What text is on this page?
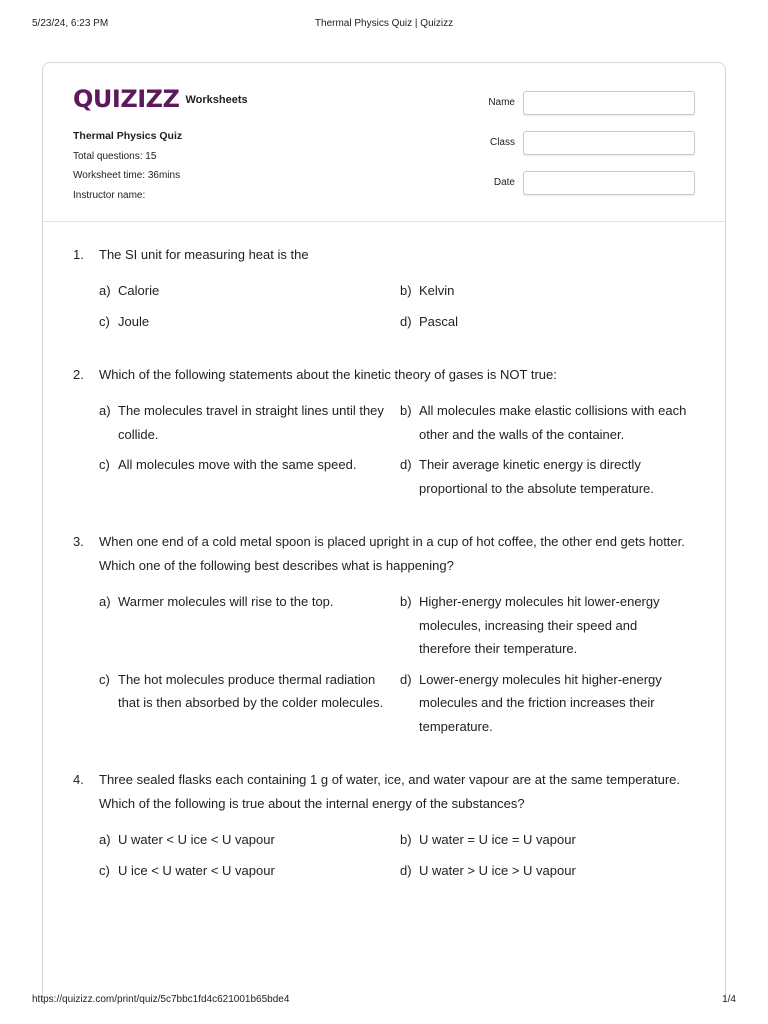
5/23/24, 6:23 PM	Thermal Physics Quiz | Quizizz
QUIZIZZ Worksheets
Thermal Physics Quiz
Total questions: 15
Worksheet time: 36mins
Instructor name:
Name
Class
Date
1.	The SI unit for measuring heat is the
a) Calorie	b) Kelvin
c) Joule	d) Pascal
2.	Which of the following statements about the kinetic theory of gases is NOT true:
a) The molecules travel in straight lines until they collide.
b) All molecules make elastic collisions with each other and the walls of the container.
c) All molecules move with the same speed.	d) Their average kinetic energy is directly proportional to the absolute temperature.
3.	When one end of a cold metal spoon is placed upright in a cup of hot coffee, the other end gets hotter. Which one of the following best describes what is happening?
a) Warmer molecules will rise to the top.	b) Higher-energy molecules hit lower-energy molecules, increasing their speed and therefore their temperature.
c) The hot molecules produce thermal radiation that is then absorbed by the colder molecules.
d) Lower-energy molecules hit higher-energy molecules and the friction increases their temperature.
4.	Three sealed flasks each containing 1 g of water, ice, and water vapour are at the same temperature. Which of the following is true about the internal energy of the substances?
a) U water < U ice < U vapour	b) U water = U ice = U vapour
c) U ice < U water < U vapour	d) U water > U ice > U vapour
https://quizizz.com/print/quiz/5c7bbc1fd4c621001b65bde4	1/4
